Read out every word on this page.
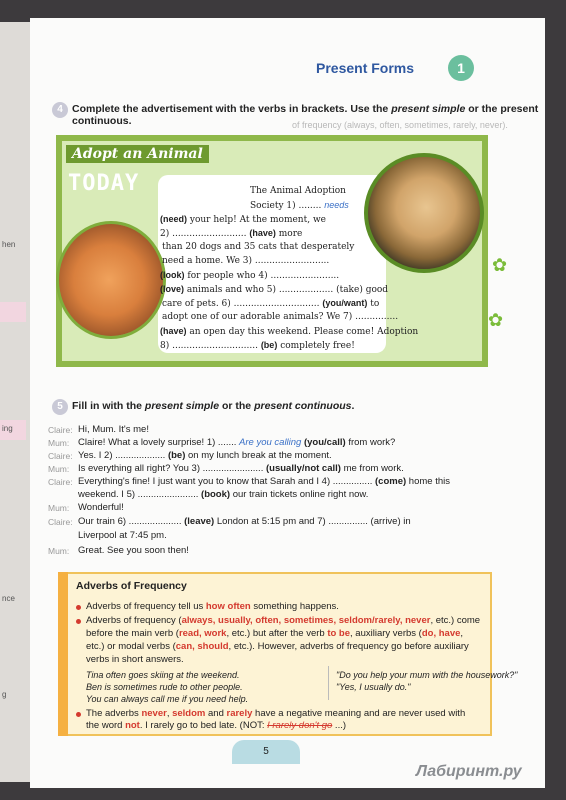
hen
ing
nce
g
Present Forms	1
4 Complete the advertisement with the verbs in brackets. Use the present simple or the present continuous.	of frequency (always, often, sometimes, rarely, never).
Adopt an Animal
TODAY	The Animal Adoption
Society 1) ........ needs
(need) your help! At the moment, we
2) .......................... (have) more
than 20 dogs and 35 cats that desperately
need a home. We 3) ..........................
(look) for people who 4) ........................
(love) animals and who 5) ................... (take) good
care of pets. 6) .............................. (you/want) to
adopt one of our adorable animals? We 7) ...............
(have) an open day this weekend. Please come! Adoption
8) .............................. (be) completely free!
✿
✿
5 Fill in with the present simple or the present continuous.
Claire: Hi, Mum. It's me!
Mum: Claire! What a lovely surprise! 1) ....... Are you calling (you/call) from work?
Claire: Yes. I 2) ................... (be) on my lunch break at the moment.
Mum: Is everything all right? You 3) ....................... (usually/not call) me from work.
Claire: Everything's fine! I just want you to know that Sarah and I 4) ............... (come) home this
weekend. I 5) ....................... (book) our train tickets online right now.
Mum: Wonderful!
Claire: Our train 6) .................... (leave) London at 5:15 pm and 7) ............... (arrive) in
Liverpool at 7:45 pm.
Mum: Great. See you soon then!
Adverbs of Frequency
Adverbs of frequency tell us how often something happens.
Adverbs of frequency (always, usually, often, sometimes, seldom/rarely, never, etc.) come
before the main verb (read, work, etc.) but after the verb to be, auxiliary verbs (do, have,
etc.) or modal verbs (can, should, etc.). However, adverbs of frequency go before auxiliary
verbs in short answers.
Tina often goes skiing at the weekend.
Ben is sometimes rude to other people.
You can always call me if you need help.
"Do you help your mum with the housework?"
"Yes, I usually do."
The adverbs never, seldom and rarely have a negative meaning and are never used with
the word not. I rarely go to bed late. (NOT: I rarely don't go ...)
5
Лабиринт.ру
